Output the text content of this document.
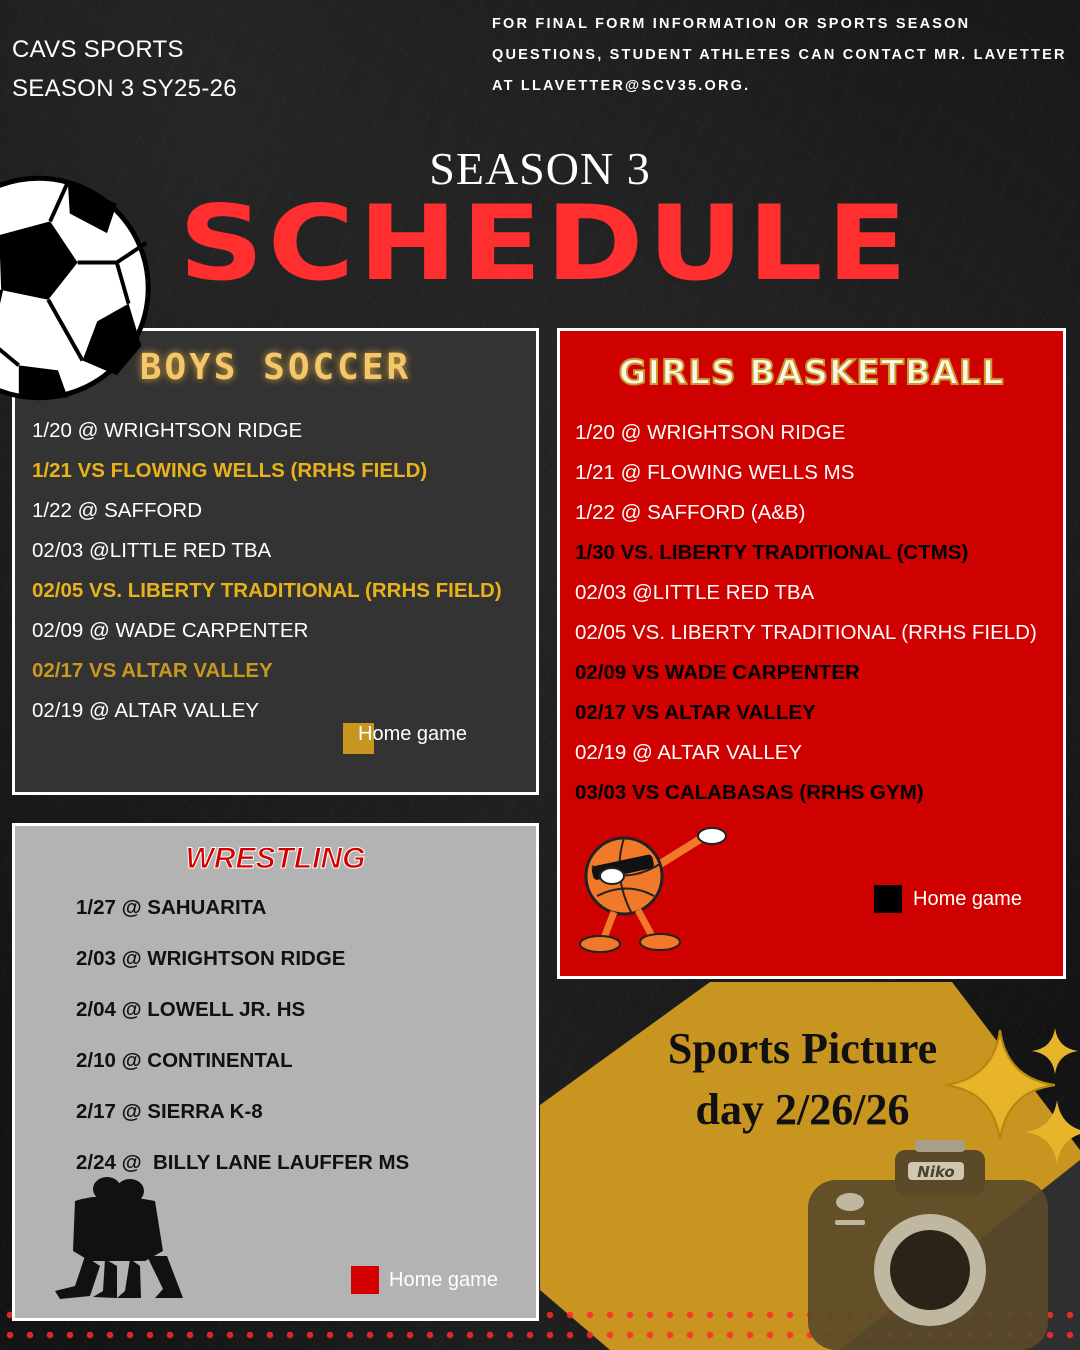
CAVS SPORTS
SEASON 3 SY25-26
FOR FINAL FORM INFORMATION OR SPORTS SEASON
QUESTIONS, STUDENT ATHLETES CAN CONTACT MR. LAVETTER
AT LLAVETTER@SCV35.ORG.
SEASON 3
SCHEDULE
BOYS SOCCER
1/20 @ WRIGHTSON RIDGE
1/21 VS FLOWING WELLS (RRHS FIELD)
1/22 @ SAFFORD
02/03 @LITTLE RED TBA
02/05 VS. LIBERTY TRADITIONAL (RRHS FIELD)
02/09 @ WADE CARPENTER
02/17 VS ALTAR VALLEY
02/19 @ ALTAR VALLEY
Home game
GIRLS BASKETBALL
1/20 @ WRIGHTSON RIDGE
1/21 @ FLOWING WELLS MS
1/22 @ SAFFORD (A&B)
1/30 VS. LIBERTY TRADITIONAL (CTMS)
02/03 @LITTLE RED TBA
02/05 VS. LIBERTY TRADITIONAL (RRHS FIELD)
02/09 VS WADE CARPENTER
02/17 VS ALTAR VALLEY
02/19 @ ALTAR VALLEY
03/03 VS CALABASAS (RRHS GYM)
Home game
WRESTLING
1/27 @ SAHUARITA
2/03 @ WRIGHTSON RIDGE
2/04 @ LOWELL JR. HS
2/10 @ CONTINENTAL
2/17 @ SIERRA K-8
2/24 @  BILLY LANE LAUFFER MS
Home game
Sports Picture
day 2/26/26
Niko
